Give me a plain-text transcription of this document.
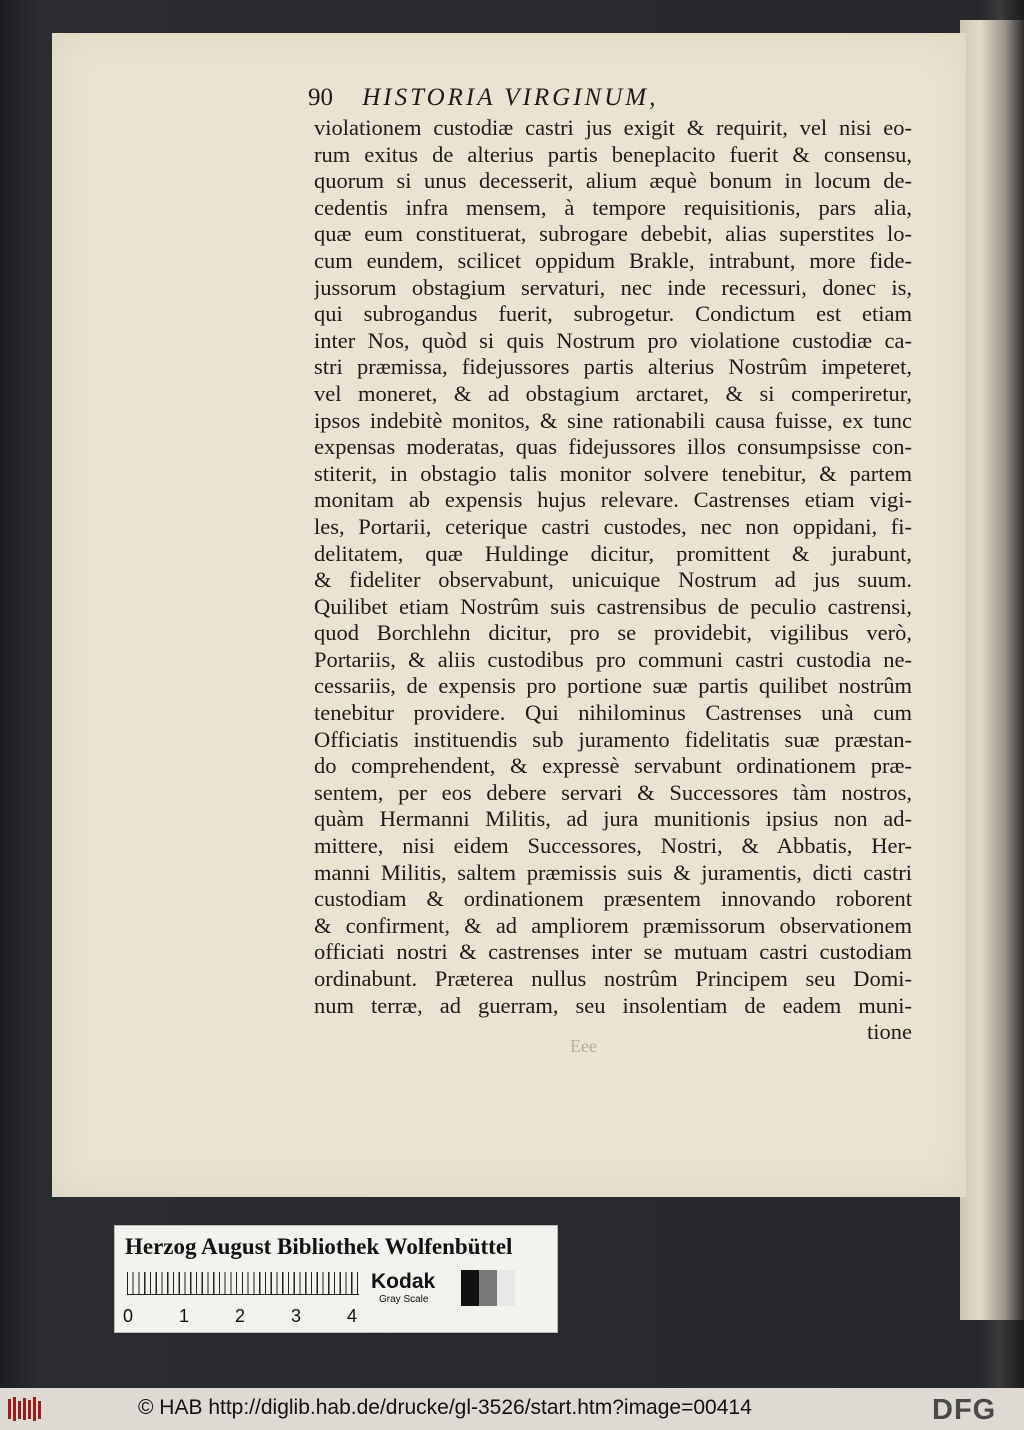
90 HISTORIA VIRGINUM,
violationem custodiæ castri jus exigit & requirit, vel nisi eo-
rum exitus de alterius partis beneplacito fuerit & consensu,
quorum si unus decesserit, alium æquè bonum in locum de-
cedentis infra mensem, à tempore requisitionis, pars alia,
quæ eum constituerat, subrogare debebit, alias superstites lo-
cum eundem, scilicet oppidum Brakle, intrabunt, more fide-
jussorum obstagium servaturi, nec inde recessuri, donec is,
qui subrogandus fuerit, subrogetur. Condictum est etiam
inter Nos, quòd si quis Nostrum pro violatione custodiæ ca-
stri præmissa, fidejussores partis alterius Nostrûm impeteret,
vel moneret, & ad obstagium arctaret, & si comperiretur,
ipsos indebitè monitos, & sine rationabili causa fuisse, ex tunc
expensas moderatas, quas fidejussores illos consumpsisse con-
stiterit, in obstagio talis monitor solvere tenebitur, & partem
monitam ab expensis hujus relevare. Castrenses etiam vigi-
les, Portarii, ceterique castri custodes, nec non oppidani, fi-
delitatem, quæ Huldinge dicitur, promittent & jurabunt,
& fideliter observabunt, unicuique Nostrum ad jus suum.
Quilibet etiam Nostrûm suis castrensibus de peculio castrensi,
quod Borchlehn dicitur, pro se providebit, vigilibus verò,
Portariis, & aliis custodibus pro communi castri custodia ne-
cessariis, de expensis pro portione suæ partis quilibet nostrûm
tenebitur providere. Qui nihilominus Castrenses unà cum
Officiatis instituendis sub juramento fidelitatis suæ præstan-
do comprehendent, & expressè servabunt ordinationem præ-
sentem, per eos debere servari & Successores tàm nostros,
quàm Hermanni Militis, ad jura munitionis ipsius non ad-
mittere, nisi eidem Successores, Nostri, & Abbatis, Her-
manni Militis, saltem præmissis suis & juramentis, dicti castri
custodiam & ordinationem præsentem innovando roborent
& confirment, & ad ampliorem præmissorum observationem
officiati nostri & castrenses inter se mutuam castri custodiam
ordinabunt. Præterea nullus nostrûm Principem seu Domi-
num terræ, ad guerram, seu insolentiam de eadem muni-
tione
Eee
Herzog August Bibliothek Wolfenbüttel
0	1	2	3	4
Kodak
Gray Scale
© HAB http://diglib.hab.de/drucke/gl-3526/start.htm?image=00414	DFG
